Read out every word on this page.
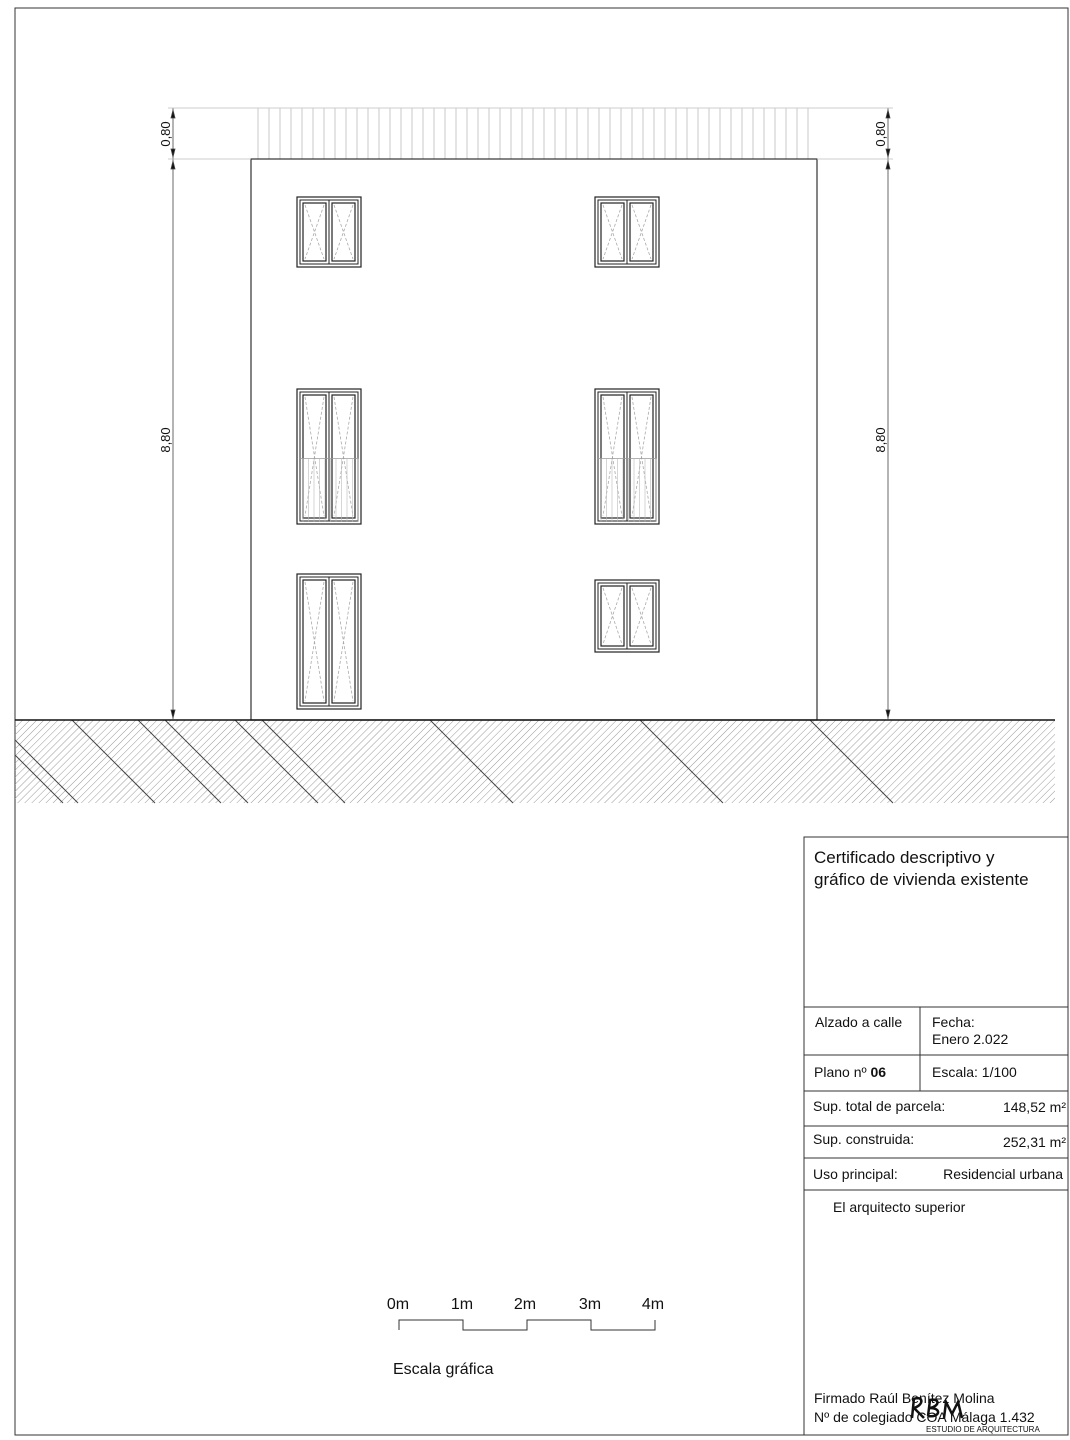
0,80
8,80
0,80
8,80
0m	1m	2m	3m	4m
Escala gráfica
Certificado descriptivo y
gráfico de vivienda existente
Alzado a calle Fecha:
Enero 2.022
Plano nº 06	Escala: 1/100
Sup. total de parcela:	148,52 m²
Sup. construida:	252,31 m²
Uso principal:	Residencial urbana
El arquitecto superior
Firmado Raúl Benítez Molina
Nº de colegiado COA Málaga 1.432
ESTUDIO DE ARQUITECTURA
